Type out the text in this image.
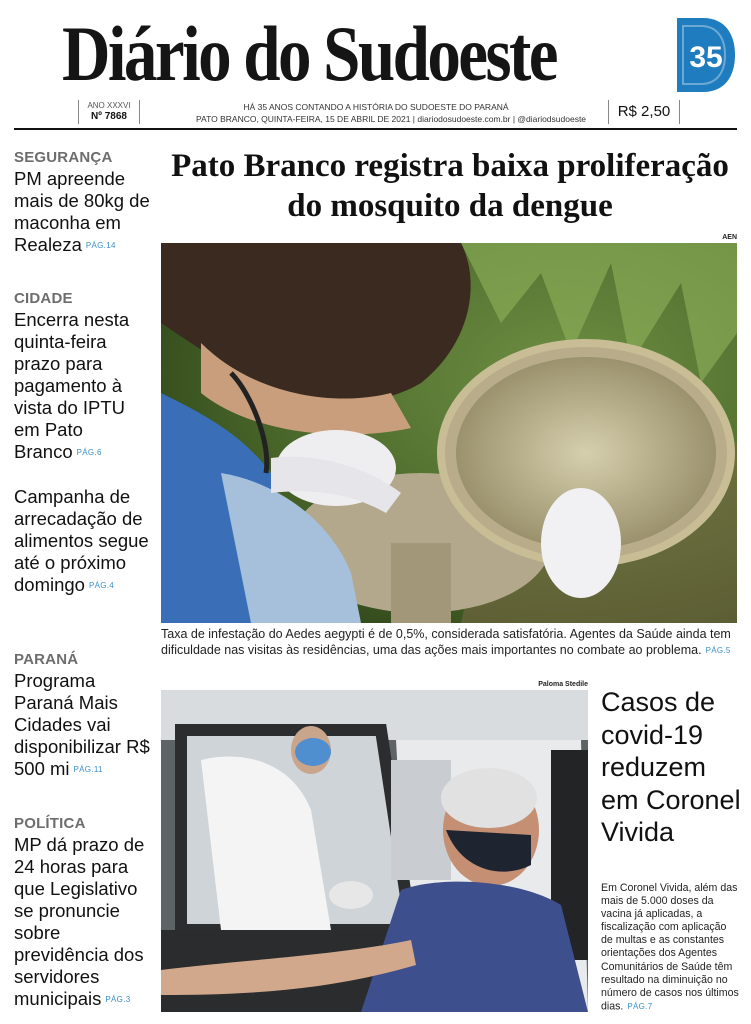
Diário do Sudoeste	35
ANO XXXVI
Nº 7868
HÁ 35 ANOS CONTANDO A HISTÓRIA DO SUDOESTE DO PARANÁ
PATO BRANCO, QUINTA-FEIRA, 15 DE ABRIL DE 2021 | diariodosudoeste.com.br | @diariodsudoeste	R$ 2,50
SEGURANÇA
PM apreende mais de 80kg de maconha em Realeza PÁG.14
CIDADE
Encerra nesta quinta-feira prazo para pagamento à vista do IPTU em Pato Branco PÁG.6
Campanha de arrecadação de alimentos segue até o próximo domingo PÁG.4
PARANÁ
Programa Paraná Mais Cidades vai disponibilizar R$ 500 mi PÁG.11
POLÍTICA
MP dá prazo de 24 horas para que Legislativo se pronuncie sobre previdência dos servidores municipais PÁG.3
Pato Branco registra baixa proliferação do mosquito da dengue
AEN

Taxa de infestação do Aedes aegypti é de 0,5%, considerada satisfatória. Agentes da Saúde ainda tem dificuldade nas visitas às residências, uma das ações mais importantes no combate ao problema. PÁG.5

Paloma Stedile
Casos de covid-19 reduzem em Coronel Vivida

Em Coronel Vivida, além das mais de 5.000 doses da vacina já aplicadas, a fiscalização com aplicação de multas e as constantes orientações dos Agentes Comunitários de Saúde têm resultado na diminuição no número de casos nos últimos dias. PÁG.7
